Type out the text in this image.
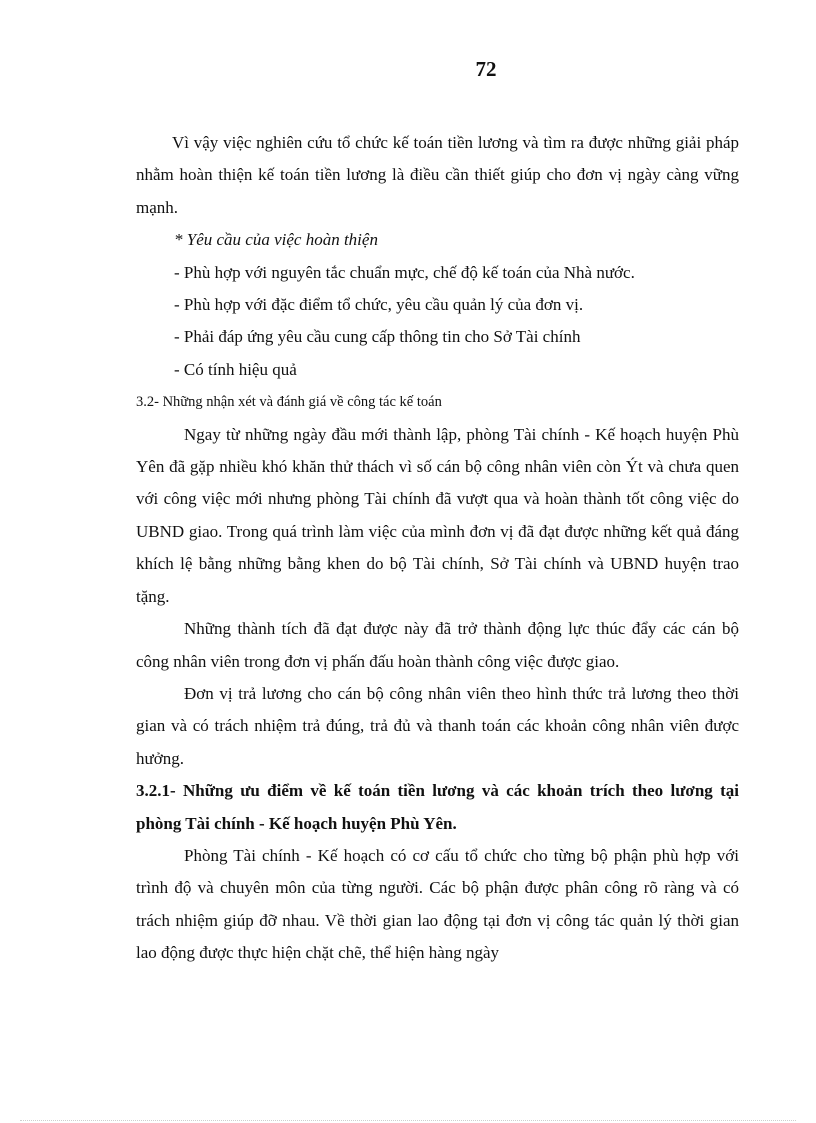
72

Vì vậy việc nghiên cứu tổ chức kế toán tiền lương và tìm ra được những giải pháp nhằm hoàn thiện kế toán tiền lương là điều cần thiết giúp cho đơn vị ngày càng vững mạnh.

* Yêu cầu của việc hoàn thiện

- Phù hợp với nguyên tắc chuẩn mực, chế độ kế toán của Nhà nước.

- Phù hợp với đặc điểm tổ chức, yêu cầu quản lý của đơn vị.

- Phải đáp ứng yêu cầu cung cấp thông tin cho Sở Tài chính

- Có tính hiệu quả

3.2- Những nhận xét và đánh giá về công tác kế toán

Ngay từ những ngày đầu mới thành lập, phòng Tài chính - Kế hoạch huyện Phù Yên đã gặp nhiều khó khăn thử thách vì số cán bộ công nhân viên còn Ýt và chưa quen với công việc mới nhưng phòng Tài chính đã vượt qua và hoàn thành tốt công việc do UBND giao. Trong quá trình làm việc của mình đơn vị đã đạt được những kết quả đáng khích lệ bằng những bằng khen do bộ Tài chính, Sở Tài chính và UBND huyện trao tặng.

Những thành tích đã đạt được này đã trở thành động lực thúc đẩy các cán bộ công nhân viên trong đơn vị phấn đấu hoàn thành công việc được giao.

Đơn vị trả lương cho cán bộ công nhân viên theo hình thức trả lương theo thời gian và có trách nhiệm trả đúng, trả đủ và thanh toán các khoản công nhân viên được hưởng.

3.2.1- Những ưu điểm về kế toán tiền lương và các khoản trích theo lương tại phòng Tài chính - Kế hoạch huyện Phù Yên.

Phòng Tài chính - Kế hoạch có cơ cấu tổ chức cho từng bộ phận phù hợp với trình độ và chuyên môn của từng người. Các bộ phận được phân công rõ ràng và có trách nhiệm giúp đỡ nhau. Về thời gian lao động tại đơn vị công tác quản lý thời gian lao động được thực hiện chặt chẽ, thể hiện hàng ngày
